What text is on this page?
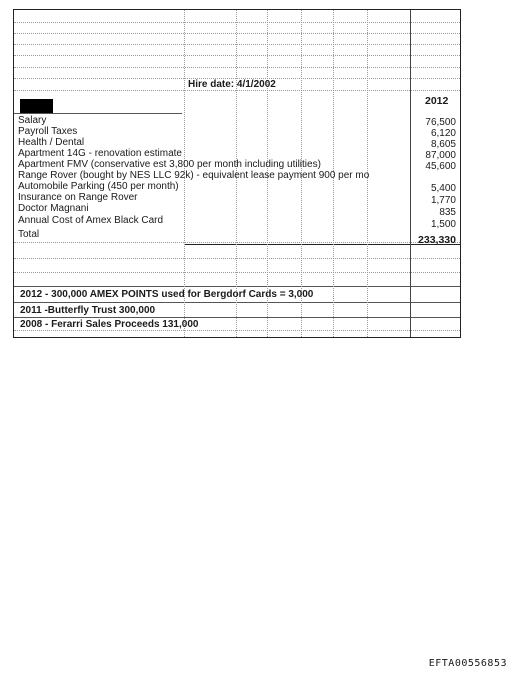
Hire date: 4/1/2002
2012
Salary	76,500
Payroll Taxes	6,120
Health / Dental	8,605
Apartment 14G - renovation estimate	87,000
Apartment FMV (conservative est 3,800 per month including utilities)	45,600
Range Rover (bought by NES LLC 92k) - equivalent lease payment 900 per mo
Automobile Parking (450 per month)	5,400
Insurance on Range Rover	1,770
Doctor Magnani	835
Annual Cost of Amex Black Card	1,500
Total	233,330
2012 - 300,000 AMEX POINTS used for Bergdorf Cards = 3,000
2011 -Butterfly Trust 300,000
2008 - Ferarri Sales Proceeds 131,000
EFTA00556853
